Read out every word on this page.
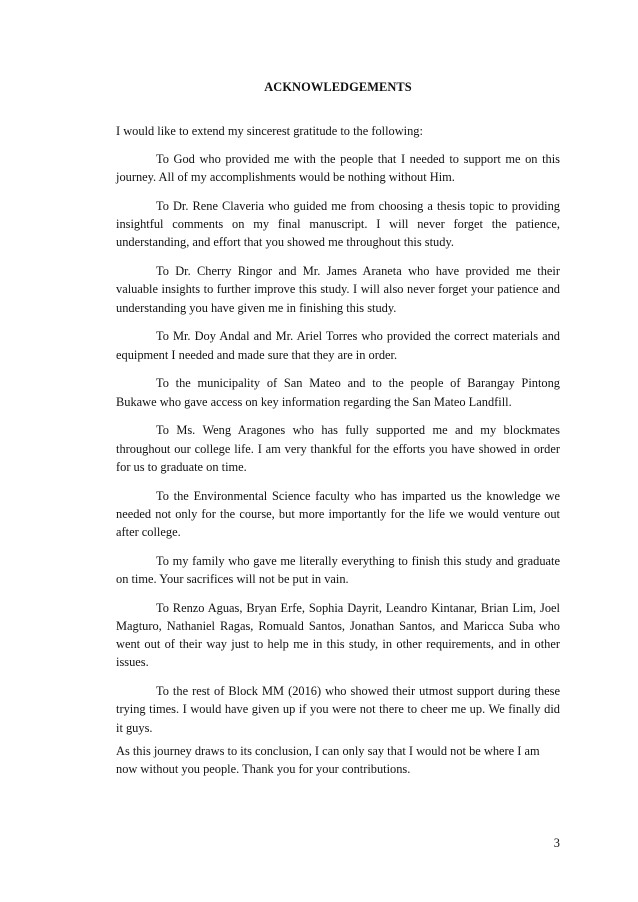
ACKNOWLEDGEMENTS

I would like to extend my sincerest gratitude to the following:

To God who provided me with the people that I needed to support me on this journey. All of my accomplishments would be nothing without Him.

To Dr. Rene Claveria who guided me from choosing a thesis topic to providing insightful comments on my final manuscript. I will never forget the patience, understanding, and effort that you showed me throughout this study.

To Dr. Cherry Ringor and Mr. James Araneta who have provided me their valuable insights to further improve this study. I will also never forget your patience and understanding you have given me in finishing this study.

To Mr. Doy Andal and Mr. Ariel Torres who provided the correct materials and equipment I needed and made sure that they are in order.

To the municipality of San Mateo and to the people of Barangay Pintong Bukawe who gave access on key information regarding the San Mateo Landfill.

To Ms. Weng Aragones who has fully supported me and my blockmates throughout our college life. I am very thankful for the efforts you have showed in order for us to graduate on time.

To the Environmental Science faculty who has imparted us the knowledge we needed not only for the course, but more importantly for the life we would venture out after college.

To my family who gave me literally everything to finish this study and graduate on time. Your sacrifices will not be put in vain.

To Renzo Aguas, Bryan Erfe, Sophia Dayrit, Leandro Kintanar, Brian Lim, Joel Magturo, Nathaniel Ragas, Romuald Santos, Jonathan Santos, and Maricca Suba who went out of their way just to help me in this study, in other requirements, and in other issues.

To the rest of Block MM (2016) who showed their utmost support during these trying times. I would have given up if you were not there to cheer me up. We finally did it guys.

As this journey draws to its conclusion, I can only say that I would not be where I am now without you people. Thank you for your contributions.

3
